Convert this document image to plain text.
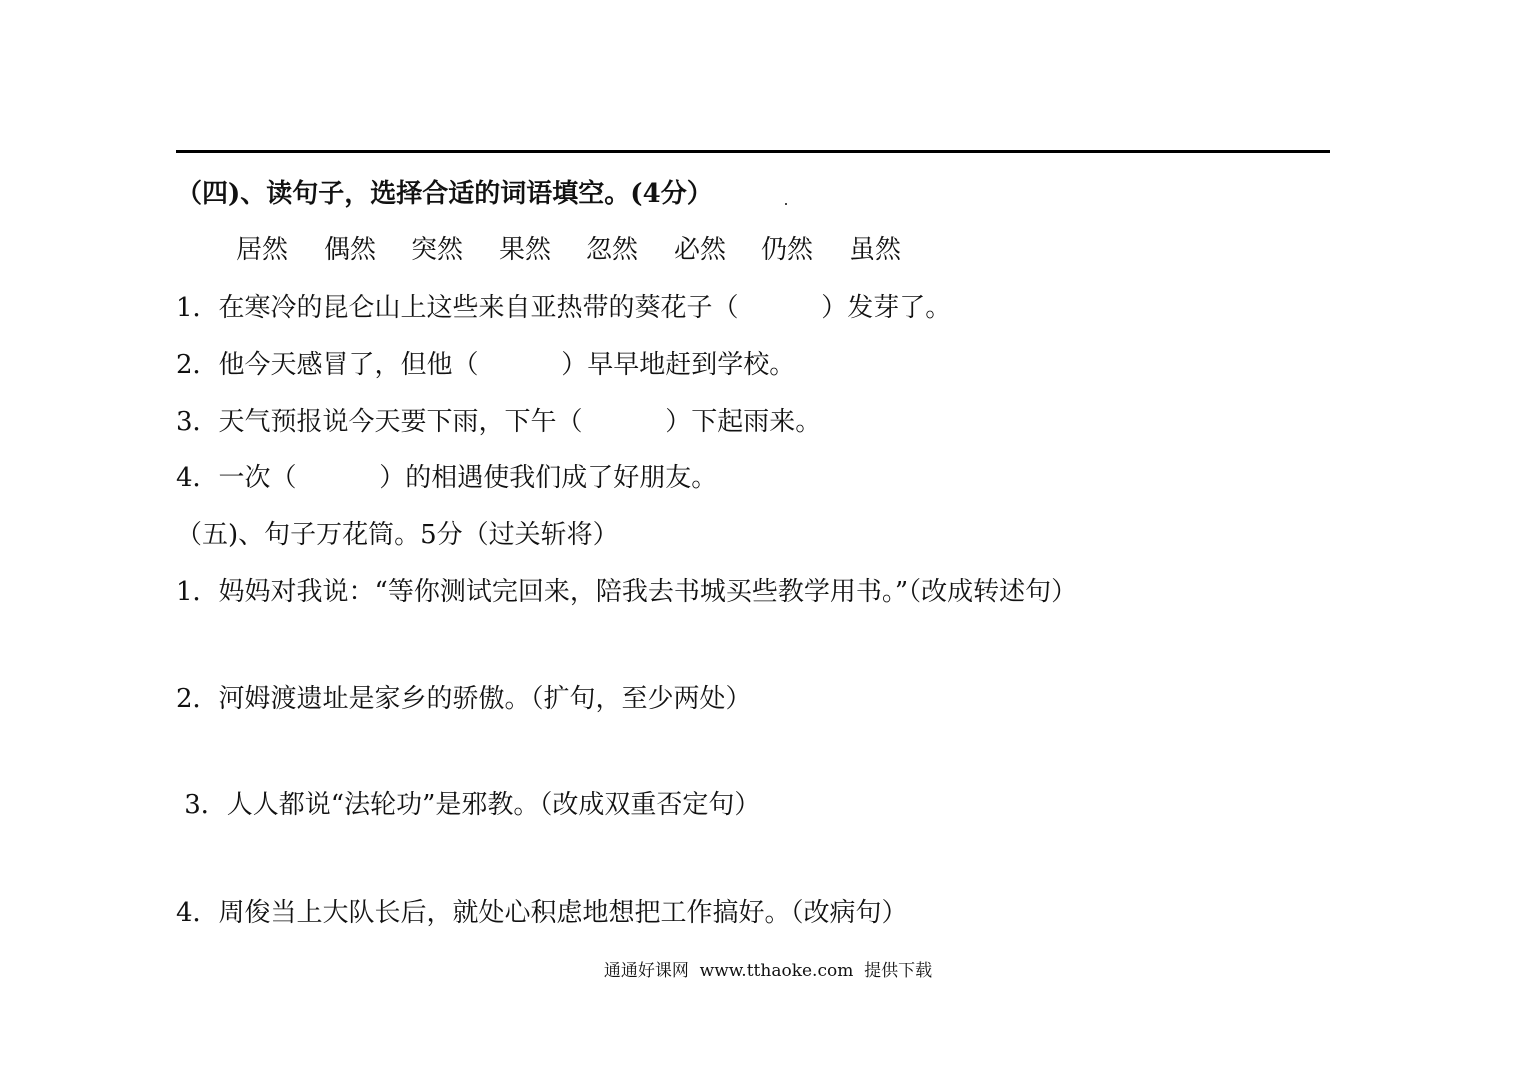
（四)、读句子，选择合适的词语填空。(4分）
居然 偶然 突然 果然 忽然 必然 仍然 虽然
1．在寒冷的昆仑山上这些来自亚热带的葵花子（          ）发芽了。
2．他今天感冒了，但他（          ）早早地赶到学校。
3．天气预报说今天要下雨，下午（          ）下起雨来。
4．一次（          ）的相遇使我们成了好朋友。
（五)、句子万花筒。5分（过关斩将）
1．妈妈对我说：“等你测试完回来，陪我去书城买些教学用书。”（改成转述句）
2．河姆渡遗址是家乡的骄傲。（扩句，至少两处）
3．人人都说“法轮功”是邪教。（改成双重否定句）
4．周俊当上大队长后，就处心积虑地想把工作搞好。（改病句）
通通好课网  www.tthaoke.com  提供下载
